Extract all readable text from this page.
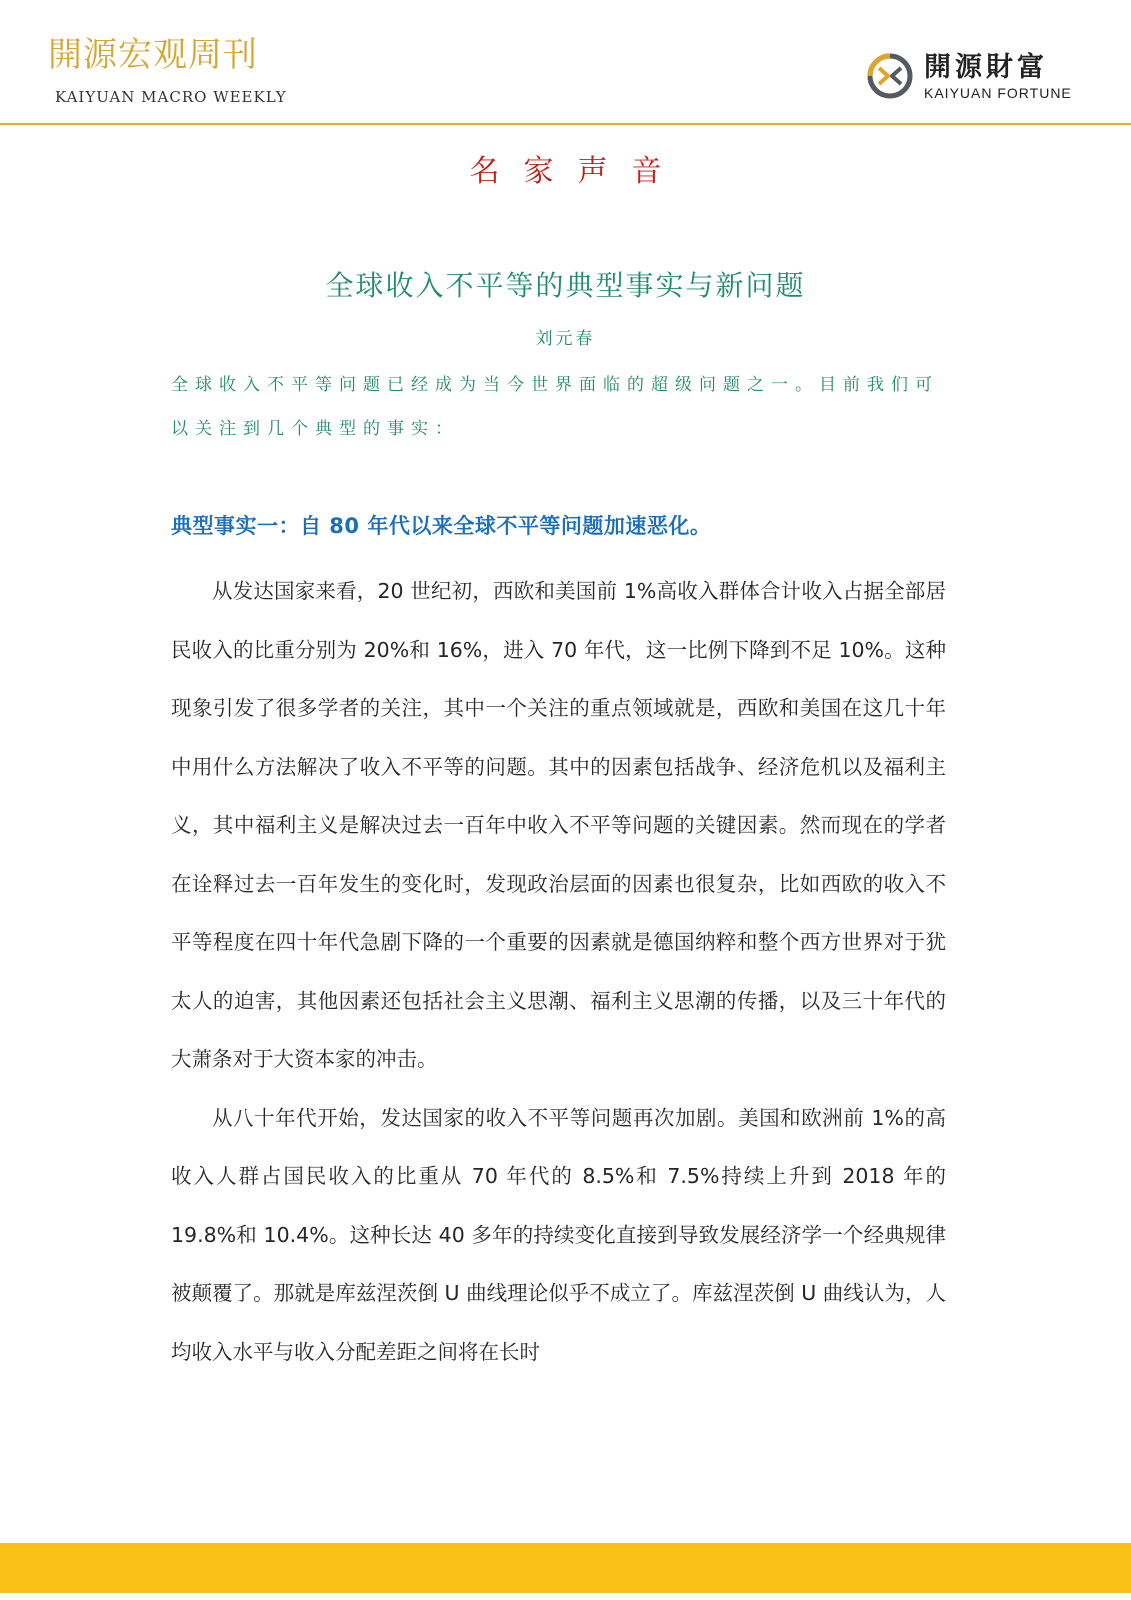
開源宏观周刊
KAIYUAN MACRO WEEKLY
開源財富
KAIYUAN FORTUNE
名家声音
全球收入不平等的典型事实与新问题
刘元春

全球收入不平等问题已经成为当今世界面临的超级问题之一。目前我们可以关注到几个典型的事实：

典型事实一：自 80 年代以来全球不平等问题加速恶化。

从发达国家来看，20 世纪初，西欧和美国前 1%高收入群体合计收入占据全部居民收入的比重分别为 20%和 16%，进入 70 年代，这一比例下降到不足 10%。这种现象引发了很多学者的关注，其中一个关注的重点领域就是，西欧和美国在这几十年中用什么方法解决了收入不平等的问题。其中的因素包括战争、经济危机以及福利主义，其中福利主义是解决过去一百年中收入不平等问题的关键因素。然而现在的学者在诠释过去一百年发生的变化时，发现政治层面的因素也很复杂，比如西欧的收入不平等程度在四十年代急剧下降的一个重要的因素就是德国纳粹和整个西方世界对于犹太人的迫害，其他因素还包括社会主义思潮、福利主义思潮的传播，以及三十年代的大萧条对于大资本家的冲击。

从八十年代开始，发达国家的收入不平等问题再次加剧。美国和欧洲前 1%的高收入人群占国民收入的比重从 70 年代的 8.5%和 7.5%持续上升到 2018 年的 19.8%和 10.4%。这种长达 40 多年的持续变化直接到导致发展经济学一个经典规律被颠覆了。那就是库兹涅茨倒 U 曲线理论似乎不成立了。库兹涅茨倒 U 曲线认为，人均收入水平与收入分配差距之间将在长时
